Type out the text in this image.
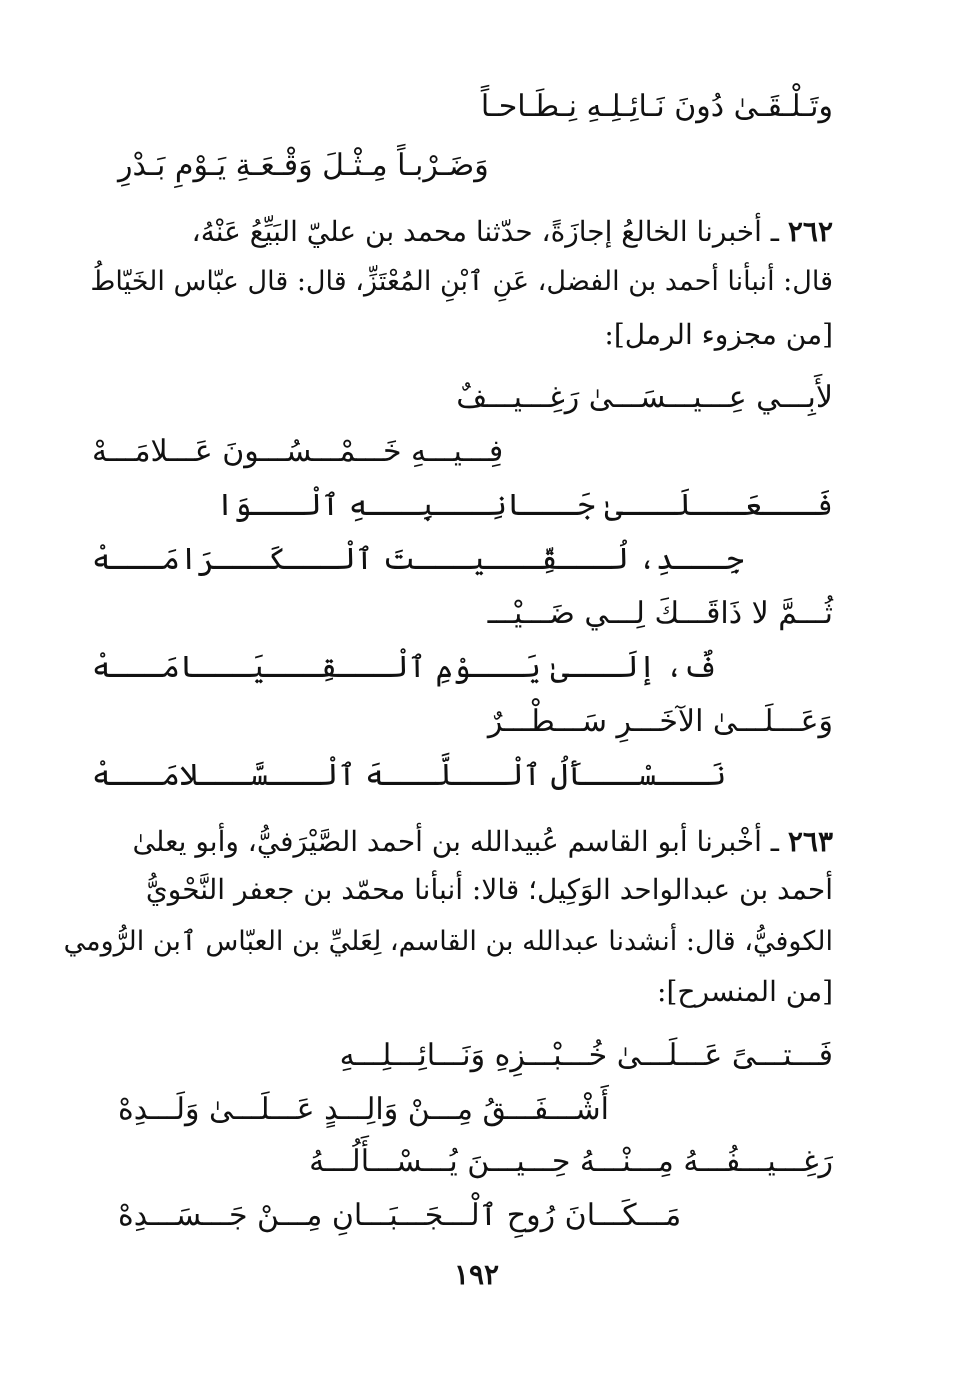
وتَـلْـقَـىٰ دُونَ نَـائِـلِـهِ نِـطَـاحـاً
وَضَـرْبـاً مِـثْـلَ وَقْـعَـةِ يَـوْمِ بَـدْرِ
٢٦٢ ـ أخبرنا الخالعُ إجازَةً، حدّثنا محمد بن عليّ البَيِّعُ عَنْهُ،
قال: أنبأنا أحمد بن الفضل، عَنِ ٱبْنِ المُعْتَزِّ، قال: قال عبّاس الخَيّاطُ
[من مجزوء الرمل]:
لأَبِـــي عِـــيـــسَـــىٰ رَغِـــيـــفٌ
فِـــيـــهِ خَـــمْـــسُـــونَ عَـــلامَـــهْ
فَـــعَـــلَـــىٰ جَـــانِـــبِـــهِ ٱلْـــوَا
جِـــدِ، لُـــقِّـــيـــتَ ٱلْـــكَـــرَامَـــهْ
ثُـــمَّ لا ذَاقَـــكَ لِـــي ضَـــيْـــ
فٌ، إلَـــىٰ يَـــوْمِ ٱلْـــقِـــيَـــامَـــهْ
وَعَـــلَـــىٰ الآخَـــرِ سَـــطْـــرٌ
نَـــسْـــأَلُ ٱلْـــلَّـــهَ ٱلْـــسَّـــلامَـــهْ
٢٦٣ ـ أخْبرنا أبو القاسم عُبيدالله بن أحمد الصَّيْرَفيُّ، وأبو يعلىٰ
أحمد بن عبدالواحد الوَكِيل؛ قالا: أنبأنا محمّد بن جعفر النَّحْويُّ
الكوفيُّ، قال: أنشدنا عبدالله بن القاسم، لِعَليِّ بن العبّاس ٱبن الرُّومي
[من المنسرح]:
فَـــتـــىً عَـــلَـــىٰ خُـــبْـــزِهِ وَنَـــائِـــلِـــهِ
أَشْـــفَـــقُ مِـــنْ وَالِـــدٍ عَـــلَـــىٰ وَلَـــدِهْ
رَغِـــيـــفُـــهُ مِـــنْـــهُ حِـــيـــنَ يُـــسْـــأَلُـــهُ
مَـــكَـــانَ رُوحِ ٱلْـــجَـــبَـــانِ مِـــنْ جَـــسَـــدِهْ
١٩٢
